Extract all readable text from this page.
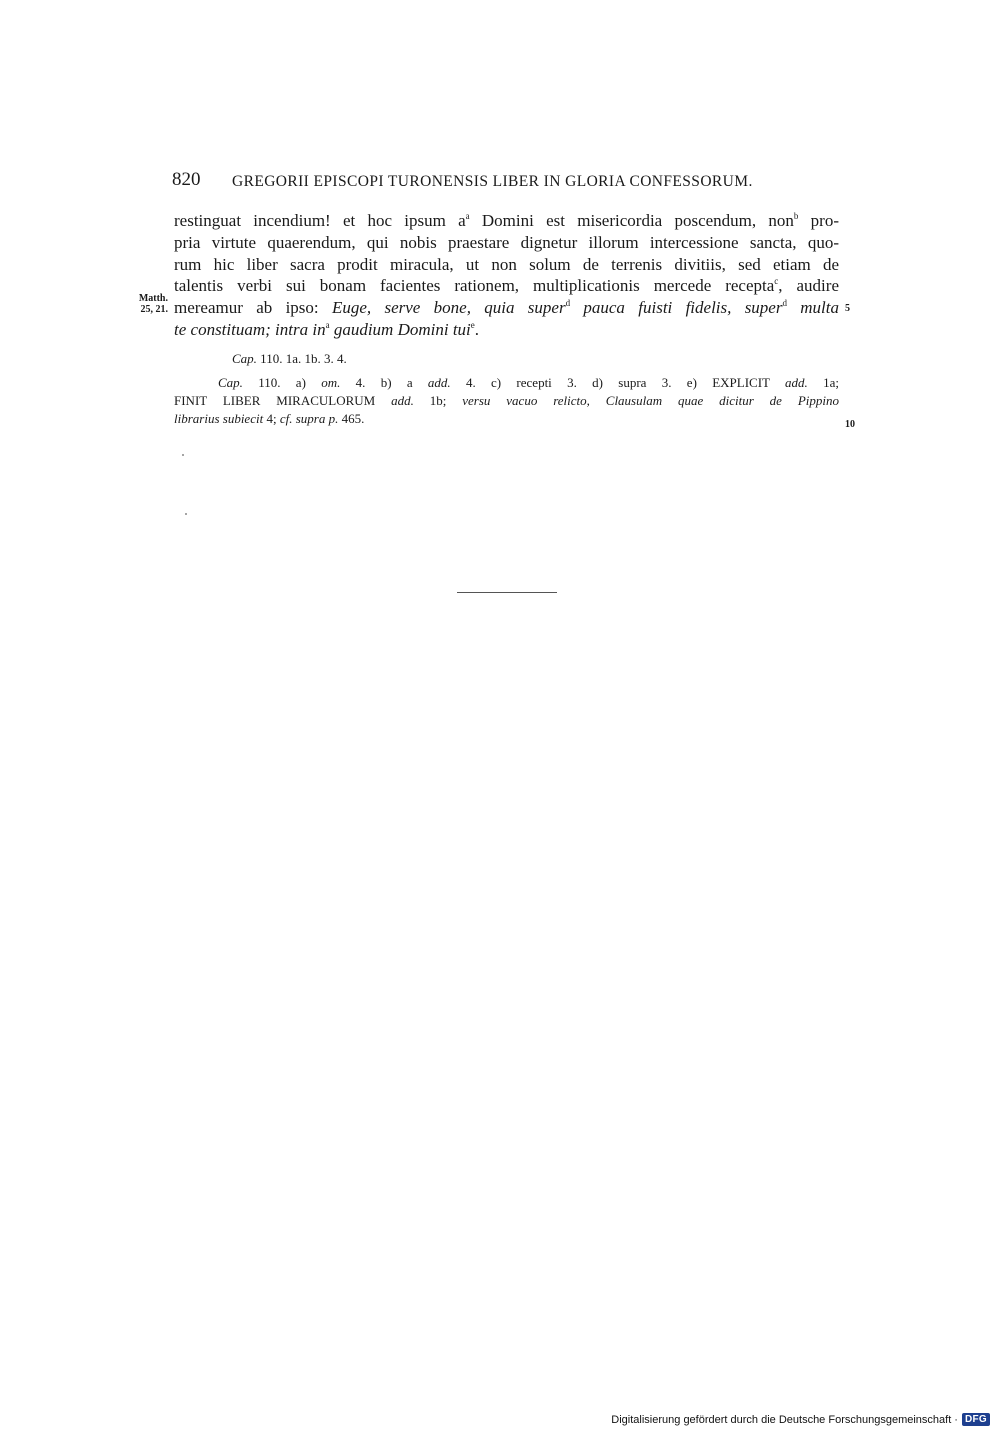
820 GREGORII EPISCOPI TURONENSIS LIBER IN GLORIA CONFESSORUM.
restinguat incendium! et hoc ipsum $a^a$ Domini est misericordia poscendum, non$^b$ pro-
pria virtute quaerendum, qui nobis praestare dignetur illorum intercessione sancta, quo-
rum hic liber sacra prodit miracula, ut non solum de terrenis divitiis, sed etiam de
talentis verbi sui bonam facientes rationem, multiplicationis mercede recepta$^c$, audire
mereamur ab ipso: Euge, serve bone, quia super$^d$ pauca fuisti fidelis, super$^d$ multa
te constituam; intra $in^a$ gaudium Domini tui$^e$.
Matth.
25, 21.	5
Cap. 110. 1a. 1b. 3. 4.
Cap. 110. a) om. 4. b) a add. 4. c) recepti 3. d) supra 3. e) EXPLICIT add. 1a;
FINIT LIBER MIRACULORUM add. 1b; versu vacuo relicto, Clausulam quae dicitur de Pippino
librarius subiecit 4; cf. supra p. 465.	10
Digitalisierung gefördert durch die Deutsche Forschungsgemeinschaft · DFG
